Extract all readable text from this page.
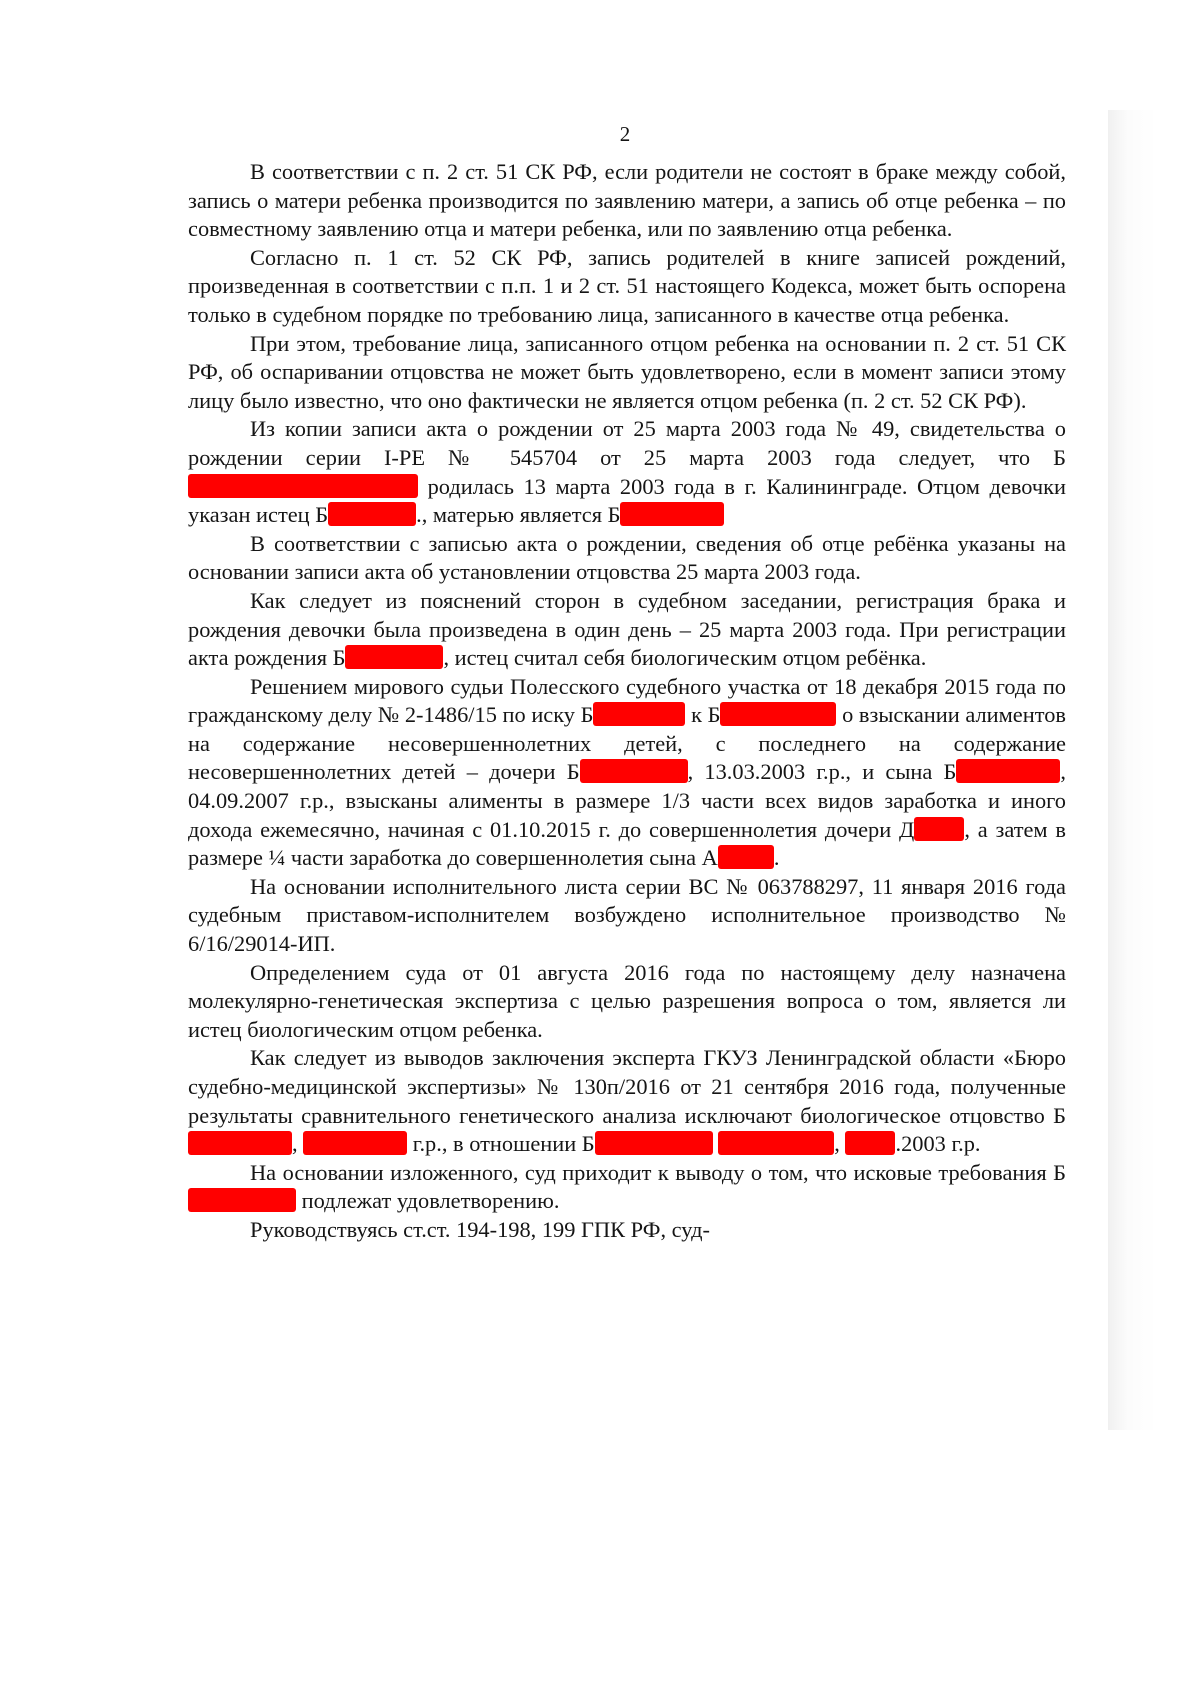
2

В соответствии с п. 2 ст. 51 СК РФ, если родители не состоят в браке между собой, запись о матери ребенка производится по заявлению матери, а запись об отце ребенка – по совместному заявлению отца и матери ребенка, или по заявлению отца ребенка.

Согласно п. 1 ст. 52 СК РФ, запись родителей в книге записей рождений, произведенная в соответствии с п.п. 1 и 2 ст. 51 настоящего Кодекса, может быть оспорена только в судебном порядке по требованию лица, записанного в качестве отца ребенка.

При этом, требование лица, записанного отцом ребенка на основании п. 2 ст. 51 СК РФ, об оспаривании отцовства не может быть удовлетворено, если в момент записи этому лицу было известно, что оно фактически не является отцом ребенка (п. 2 ст. 52 СК РФ).

Из копии записи акта о рождении от 25 марта 2003 года № 49, свидетельства о рождении серии I-РЕ № 545704 от 25 марта 2003 года следует, что Б родилась 13 марта 2003 года в г. Калининграде. Отцом девочки указан истец Б	., матерью является Б

В соответствии с записью акта о рождении, сведения об отце ребёнка указаны на основании записи акта об установлении отцовства 25 марта 2003 года.

Как следует из пояснений сторон в судебном заседании, регистрация брака и рождения девочки была произведена в один день – 25 марта 2003 года. При регистрации акта рождения Б	, истец считал себя биологическим отцом ребёнка.

Решением мирового судьи Полесского судебного участка от 18 декабря 2015 года по гражданскому делу № 2-1486/15 по иску Б	к Б	о взыскании алиментов на содержание несовершеннолетних детей, с последнего на содержание несовершеннолетних детей – дочери Б	, 13.03.2003 г.р., и сына Б	, 04.09.2007 г.р., взысканы алименты в размере 1/3 части всех видов заработка и иного дохода ежемесячно, начиная с 01.10.2015 г. до совершеннолетия дочери Д , а затем в размере ¼ части заработка до совершеннолетия сына А	.

На основании исполнительного листа серии ВС № 063788297, 11 января 2016 года судебным приставом-исполнителем возбуждено исполнительное производство № 6/16/29014-ИП.

Определением суда от 01 августа 2016 года по настоящему делу назначена молекулярно-генетическая экспертиза с целью разрешения вопроса о том, является ли истец биологическим отцом ребенка.

Как следует из выводов заключения эксперта ГКУЗ Ленинградской области «Бюро судебно-медицинской экспертизы» № 130п/2016 от 21 сентября 2016 года, полученные результаты сравнительного генетического анализа исключают биологическое отцовство Б,	г.р., в отношении Б	, .2003 г.р.

На основании изложенного, суд приходит к выводу о том, что исковые требования Б подлежат удовлетворению.

Руководствуясь ст.ст. 194-198, 199 ГПК РФ, суд-
